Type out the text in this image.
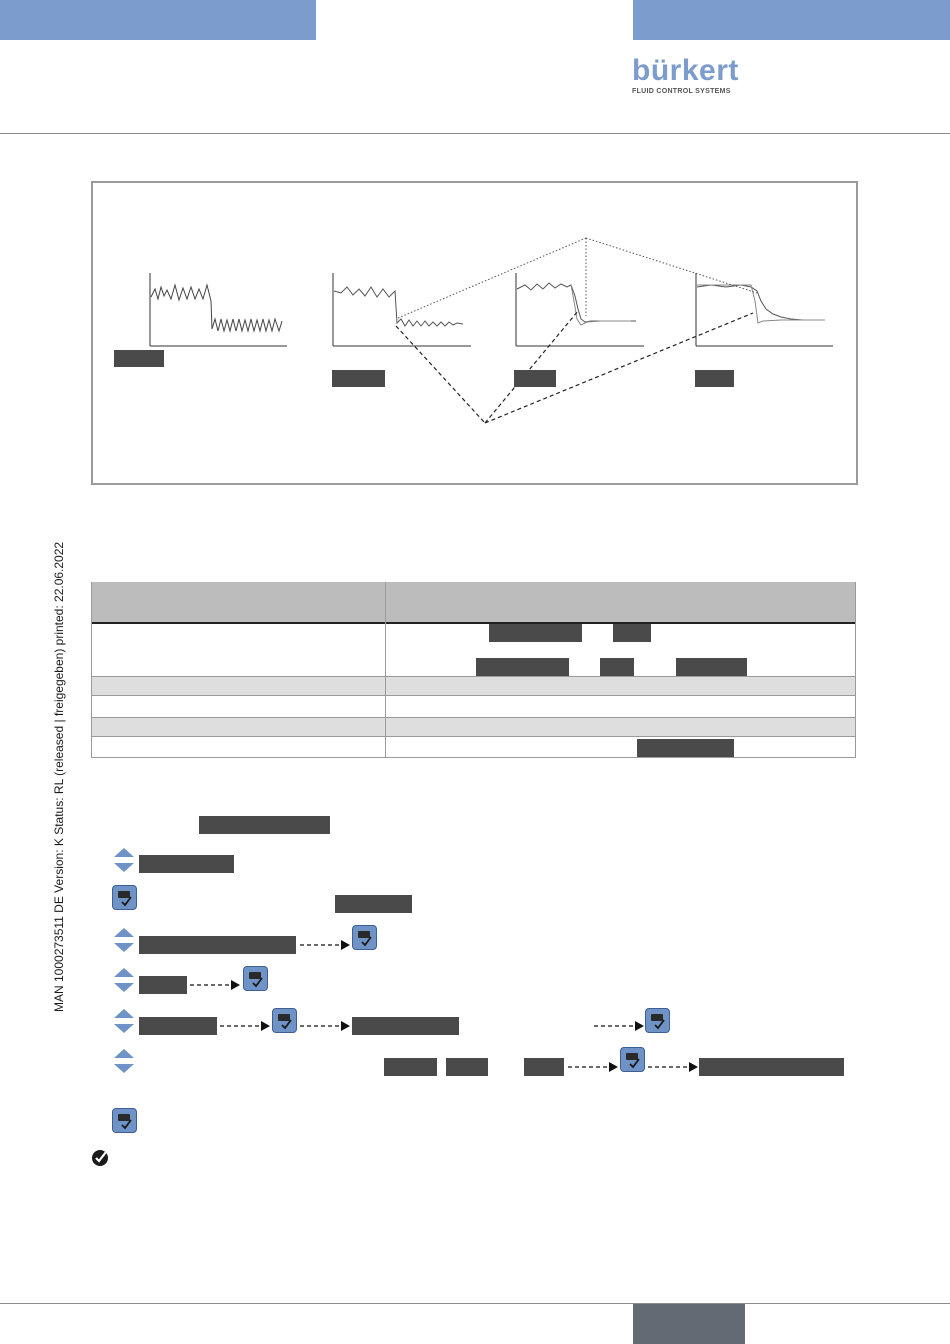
bürkert
FLUID CONTROL SYSTEMS
MAN 1000273511 DE Version: K Status: RL (released | freigegeben) printed: 22.06.2022
